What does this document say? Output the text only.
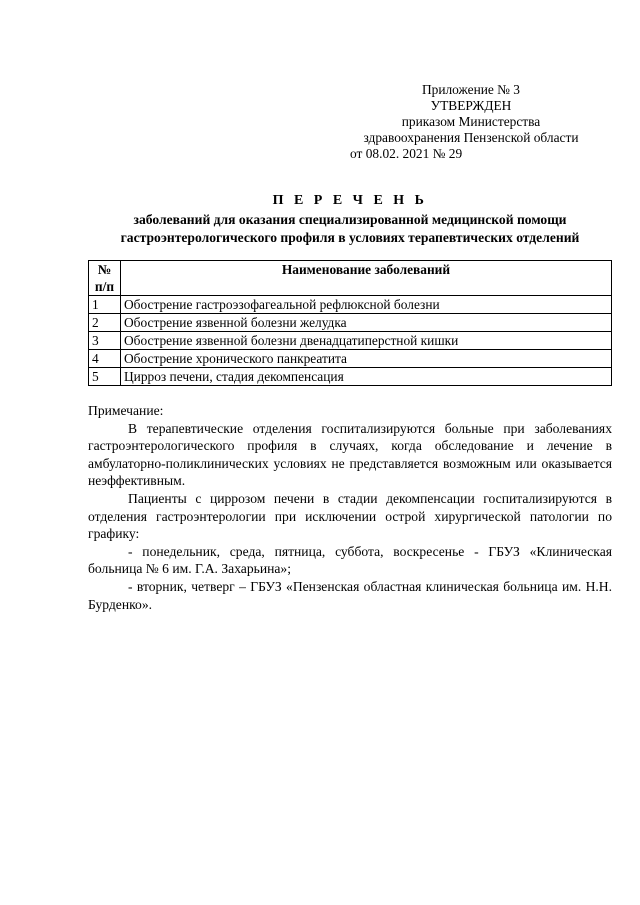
Приложение № 3
УТВЕРЖДЕН
приказом Министерства
здравоохранения Пензенской области
от 08.02. 2021 № 29
П Е Р Е Ч Е Н Ь
заболеваний для оказания специализированной медицинской помощи
гастроэнтерологического профиля в условиях терапевтических отделений
№
п/п	Наименование заболеваний
1	Обострение гастроэзофагеальной рефлюксной болезни
2	Обострение язвенной болезни желудка
3	Обострение язвенной болезни двенадцатиперстной кишки
4	Обострение хронического панкреатита
5	Цирроз печени, стадия декомпенсация

Примечание:

В терапевтические отделения госпитализируются больные при заболеваниях гастроэнтерологического профиля в случаях, когда обследование и лечение в амбулаторно-поликлинических условиях не представляется возможным или оказывается неэффективным.

Пациенты с циррозом печени в стадии декомпенсации госпитализируются в отделения гастроэнтерологии при исключении острой хирургической патологии по графику:

- понедельник, среда, пятница, суббота, воскресенье - ГБУЗ «Клиническая больница № 6 им. Г.А. Захарьина»;

- вторник, четверг – ГБУЗ «Пензенская областная клиническая больница им. Н.Н. Бурденко».
